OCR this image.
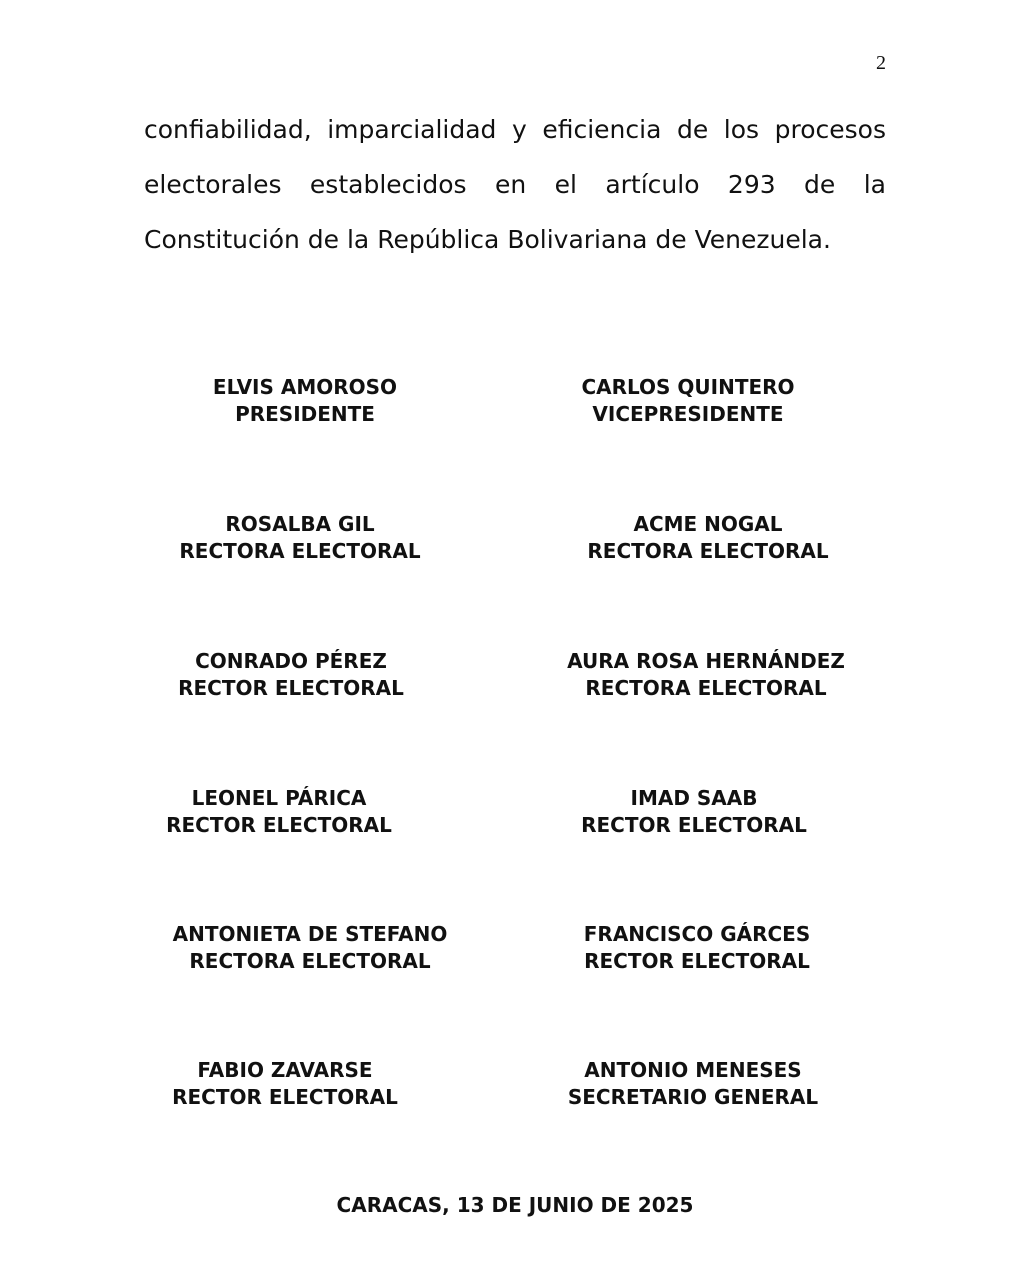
2

confiabilidad, imparcialidad y eficiencia de los procesos electorales establecidos en el artículo 293 de la Constitución de la República Bolivariana de Venezuela.

ELVIS AMOROSO
PRESIDENTE
CARLOS QUINTERO
VICEPRESIDENTE
ROSALBA GIL
RECTORA ELECTORAL
ACME NOGAL
RECTORA ELECTORAL
CONRADO PÉREZ
RECTOR ELECTORAL
AURA ROSA HERNÁNDEZ
RECTORA ELECTORAL
LEONEL PÁRICA
RECTOR ELECTORAL
IMAD SAAB
RECTOR ELECTORAL
ANTONIETA DE STEFANO
RECTORA ELECTORAL
FRANCISCO GÁRCES
RECTOR ELECTORAL
FABIO ZAVARSE
RECTOR ELECTORAL
ANTONIO MENESES
SECRETARIO GENERAL
CARACAS, 13 DE JUNIO DE 2025
